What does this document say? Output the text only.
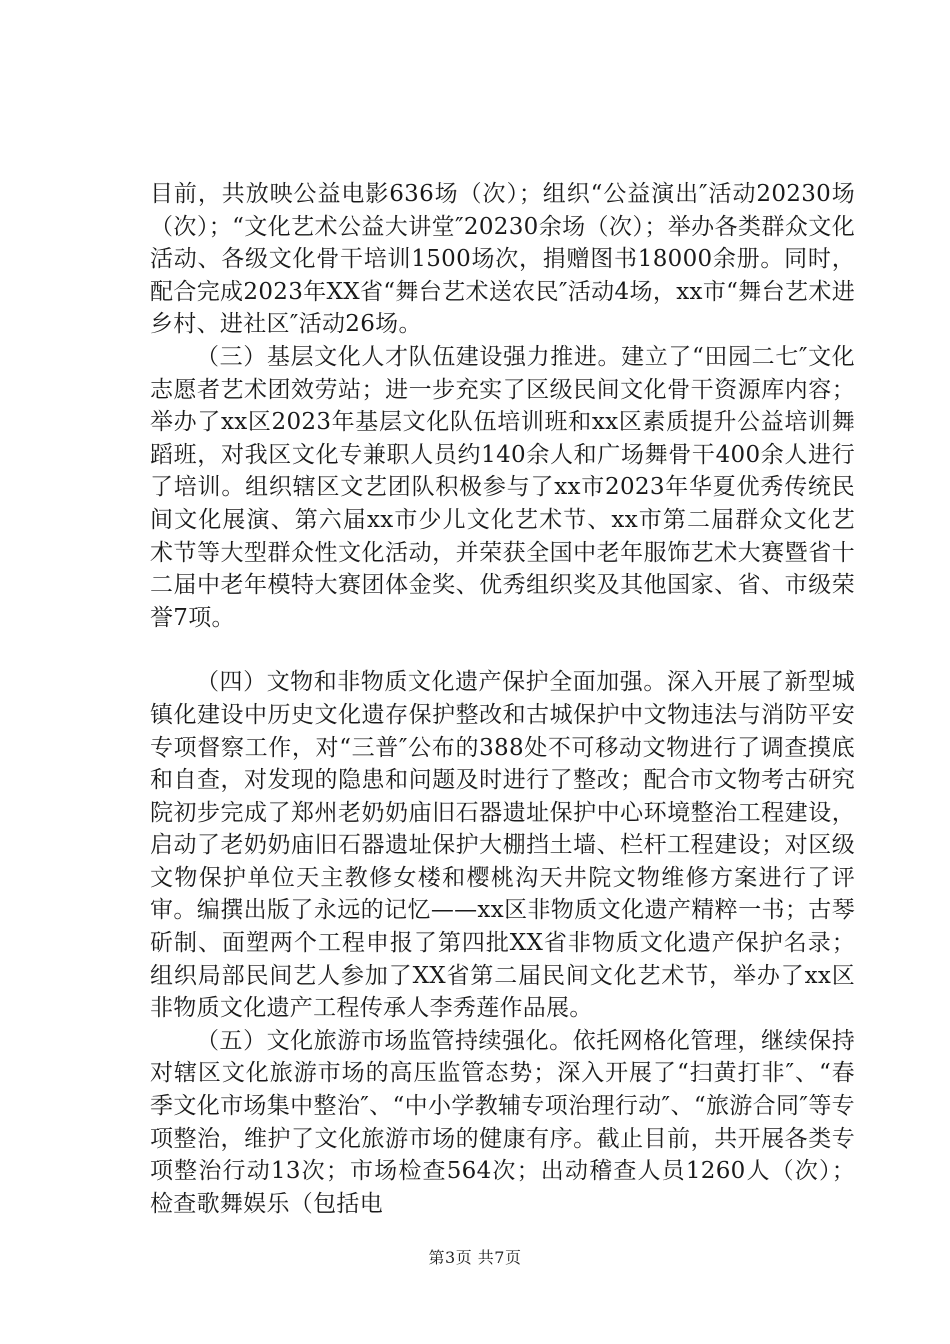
目前，共放映公益电影636场（次）；组织“公益演出″活动20230场（次）；“文化艺术公益大讲堂″20230余场（次）；举办各类群众文化活动、各级文化骨干培训1500场次，捐赠图书18000余册。同时，配合完成2023年XX省“舞台艺术送农民″活动4场，xx市“舞台艺术进乡村、进社区″活动26场。

（三）基层文化人才队伍建设强力推进。建立了“田园二七″文化志愿者艺术团效劳站；进一步充实了区级民间文化骨干资源库内容；举办了xx区2023年基层文化队伍培训班和xx区素质提升公益培训舞蹈班，对我区文化专兼职人员约140余人和广场舞骨干400余人进行了培训。组织辖区文艺团队积极参与了xx市2023年华夏优秀传统民间文化展演、第六届xx市少儿文化艺术节、xx市第二届群众文化艺术节等大型群众性文化活动，并荣获全国中老年服饰艺术大赛暨省十二届中老年模特大赛团体金奖、优秀组织奖及其他国家、省、市级荣誉7项。

（四）文物和非物质文化遗产保护全面加强。深入开展了新型城镇化建设中历史文化遗存保护整改和古城保护中文物违法与消防平安专项督察工作，对“三普″公布的388处不可移动文物进行了调查摸底和自查，对发现的隐患和问题及时进行了整改；配合市文物考古研究院初步完成了郑州老奶奶庙旧石器遗址保护中心环境整治工程建设，启动了老奶奶庙旧石器遗址保护大棚挡土墙、栏杆工程建设；对区级文物保护单位天主教修女楼和樱桃沟天井院文物维修方案进行了评审。编撰出版了永远的记忆——xx区非物质文化遗产精粹一书；古琴斫制、面塑两个工程申报了第四批XX省非物质文化遗产保护名录；组织局部民间艺人参加了XX省第二届民间文化艺术节，举办了xx区非物质文化遗产工程传承人李秀莲作品展。

（五）文化旅游市场监管持续强化。依托网格化管理，继续保持对辖区文化旅游市场的高压监管态势；深入开展了“扫黄打非″、“春季文化市场集中整治″、“中小学教辅专项治理行动″、“旅游合同″等专项整治，维护了文化旅游市场的健康有序。截止目前，共开展各类专项整治行动13次；市场检查564次；出动稽查人员1260人（次）；检查歌舞娱乐（包括电

第3页 共7页
